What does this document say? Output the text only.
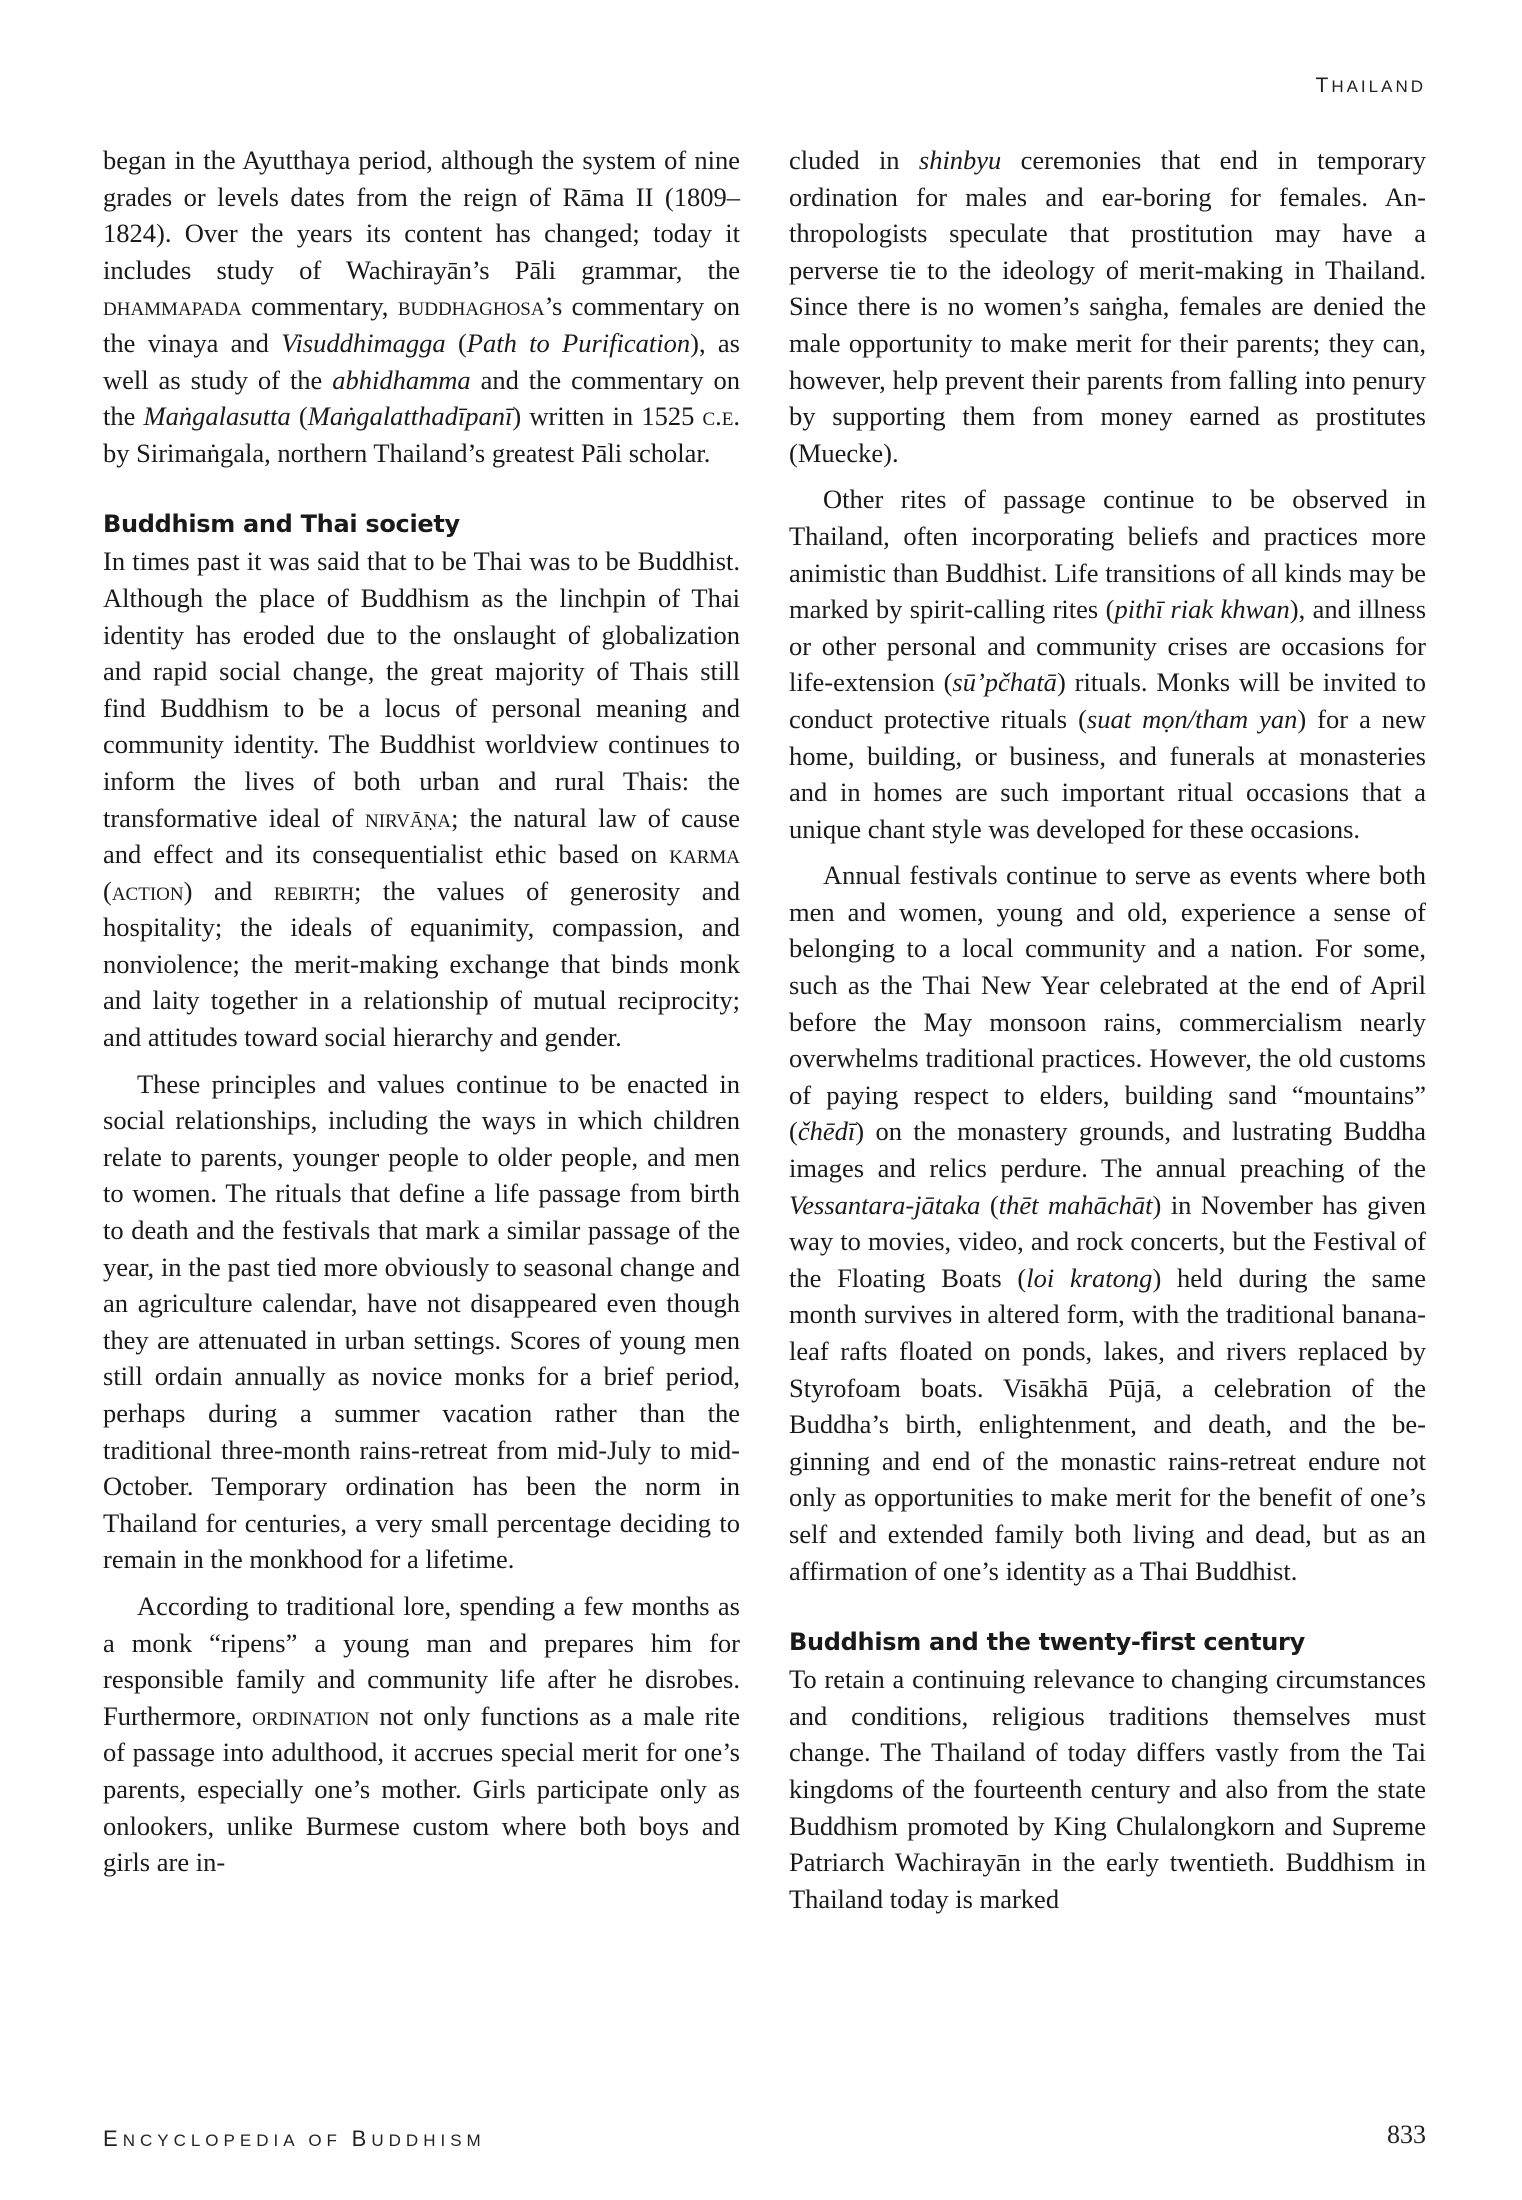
THAILAND

began in the Ayutthaya period, although the system of nine grades or levels dates from the reign of Rāma II (1809–1824). Over the years its content has changed; today it includes study of Wachirayān’s Pāli grammar, the dhammapada commentary, buddhaghosa’s commentary on the vinaya and Visuddhimagga (Path to Purification), as well as study of the abhidhamma and the commentary on the Maṅgalasutta (Maṅgalatthadīpanī) written in 1525 c.e. by Sirimaṅgala, northern Thailand’s greatest Pāli scholar.

Buddhism and Thai society

In times past it was said that to be Thai was to be Buddhist. Although the place of Buddhism as the linchpin of Thai identity has eroded due to the onslaught of globalization and rapid social change, the great majority of Thais still find Buddhism to be a locus of personal meaning and community identity. The Buddhist worldview continues to inform the lives of both urban and rural Thais: the transformative ideal of nirvāṇa; the natural law of cause and effect and its consequentialist ethic based on karma (action) and rebirth; the values of generosity and hospitality; the ideals of equanimity, compassion, and nonviolence; the merit-making exchange that binds monk and laity together in a relationship of mutual reciprocity; and attitudes toward social hierarchy and gender.

These principles and values continue to be enacted in social relationships, including the ways in which children relate to parents, younger people to older people, and men to women. The rituals that define a life passage from birth to death and the festivals that mark a similar passage of the year, in the past tied more obviously to seasonal change and an agriculture calendar, have not disappeared even though they are attenuated in urban settings. Scores of young men still ordain annually as novice monks for a brief period, perhaps during a summer vacation rather than the traditional three-month rains-retreat from mid-July to mid-October. Temporary ordination has been the norm in Thailand for centuries, a very small percentage deciding to remain in the monkhood for a lifetime.

According to traditional lore, spending a few months as a monk “ripens” a young man and prepares him for responsible family and community life after he disrobes. Furthermore, ordination not only functions as a male rite of passage into adulthood, it accrues special merit for one’s parents, especially one’s mother. Girls participate only as onlookers, unlike Burmese custom where both boys and girls are in-

cluded in shinbyu ceremonies that end in temporary ordination for males and ear-boring for females. Anthropologists speculate that prostitution may have a perverse tie to the ideology of merit-making in Thailand. Since there is no women’s saṅgha, females are denied the male opportunity to make merit for their parents; they can, however, help prevent their parents from falling into penury by supporting them from money earned as prostitutes (Muecke).

Other rites of passage continue to be observed in Thailand, often incorporating beliefs and practices more animistic than Buddhist. Life transitions of all kinds may be marked by spirit-calling rites (pithī riak khwan), and illness or other personal and community crises are occasions for life-extension (sū’pčhatā) rituals. Monks will be invited to conduct protective rituals (suat mọn/tham yan) for a new home, building, or business, and funerals at monasteries and in homes are such important ritual occasions that a unique chant style was developed for these occasions.

Annual festivals continue to serve as events where both men and women, young and old, experience a sense of belonging to a local community and a nation. For some, such as the Thai New Year celebrated at the end of April before the May monsoon rains, commercialism nearly overwhelms traditional practices. However, the old customs of paying respect to elders, building sand “mountains” (čhēdī) on the monastery grounds, and lustrating Buddha images and relics perdure. The annual preaching of the Vessantara-jātaka (thēt mahāchāt) in November has given way to movies, video, and rock concerts, but the Festival of the Floating Boats (loi kratong) held during the same month survives in altered form, with the traditional banana-leaf rafts floated on ponds, lakes, and rivers replaced by Styrofoam boats. Visākhā Pūjā, a celebration of the Buddha’s birth, enlightenment, and death, and the beginning and end of the monastic rains-retreat endure not only as opportunities to make merit for the benefit of one’s self and extended family both living and dead, but as an affirmation of one’s identity as a Thai Buddhist.

Buddhism and the twenty-first century

To retain a continuing relevance to changing circumstances and conditions, religious traditions themselves must change. The Thailand of today differs vastly from the Tai kingdoms of the fourteenth century and also from the state Buddhism promoted by King Chulalongkorn and Supreme Patriarch Wachirayān in the early twentieth. Buddhism in Thailand today is marked

ENCYCLOPEDIA OF BUDDHISM	833
